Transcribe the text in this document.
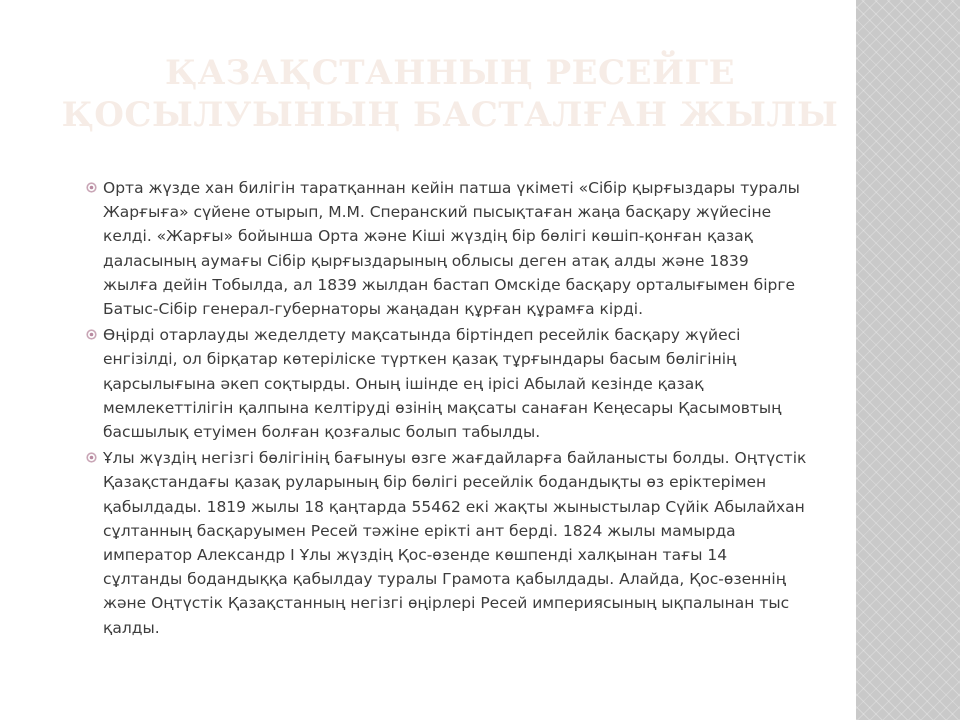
ҚАЗАҚСТАННЫҢ РЕСЕЙГЕ
ҚОСЫЛУЫНЫҢ БАСТАЛҒАН ЖЫЛЫ
Орта жүзде хан билігін таратқаннан кейін патша үкіметі «Сібір қырғыздары туралы Жарғыға» сүйене отырып, М.М. Сперанский пысықтаған жаңа басқару жүйесіне келді. «Жарғы» бойынша Орта және Кіші жүздің бір бөлігі көшіп-қонған қазақ даласының аумағы Сібір қырғыздарының облысы деген атақ алды және 1839 жылға дейін Тобылда, ал 1839 жылдан бастап Омскіде басқару орталығымен бірге Батыс-Сібір генерал-губернаторы жаңадан құрған құрамға кірді.
Өңірді отарлауды жеделдету мақсатында біртіндеп ресейлік басқару жүйесі енгізілді, ол бірқатар көтеріліске түрткен қазақ тұрғындары басым бөлігінің қарсылығына әкеп соқтырды. Оның ішінде ең ірісі Абылай кезінде қазақ мемлекеттілігін қалпына келтіруді өзінің мақсаты санаған Кеңесары Қасымовтың басшылық етуімен болған қозғалыс болып табылды.
Ұлы жүздің негізгі бөлігінің бағынуы өзге жағдайларға байланысты болды. Оңтүстік Қазақстандағы қазақ руларының бір бөлігі ресейлік бодандықты өз еріктерімен қабылдады. 1819 жылы 18 қаңтарда 55462 екі жақты жыныстылар Сүйік Абылайхан сұлтанның басқаруымен Ресей тәжіне ерікті ант берді. 1824 жылы мамырда император Александр I Ұлы жүздің Қос-өзенде көшпенді халқынан тағы 14 сұлтанды бодандыққа қабылдау туралы Грамота қабылдады. Алайда, Қос-өзеннің және Оңтүстік Қазақстанның негізгі өңірлері Ресей империясының ықпалынан тыс қалды.
